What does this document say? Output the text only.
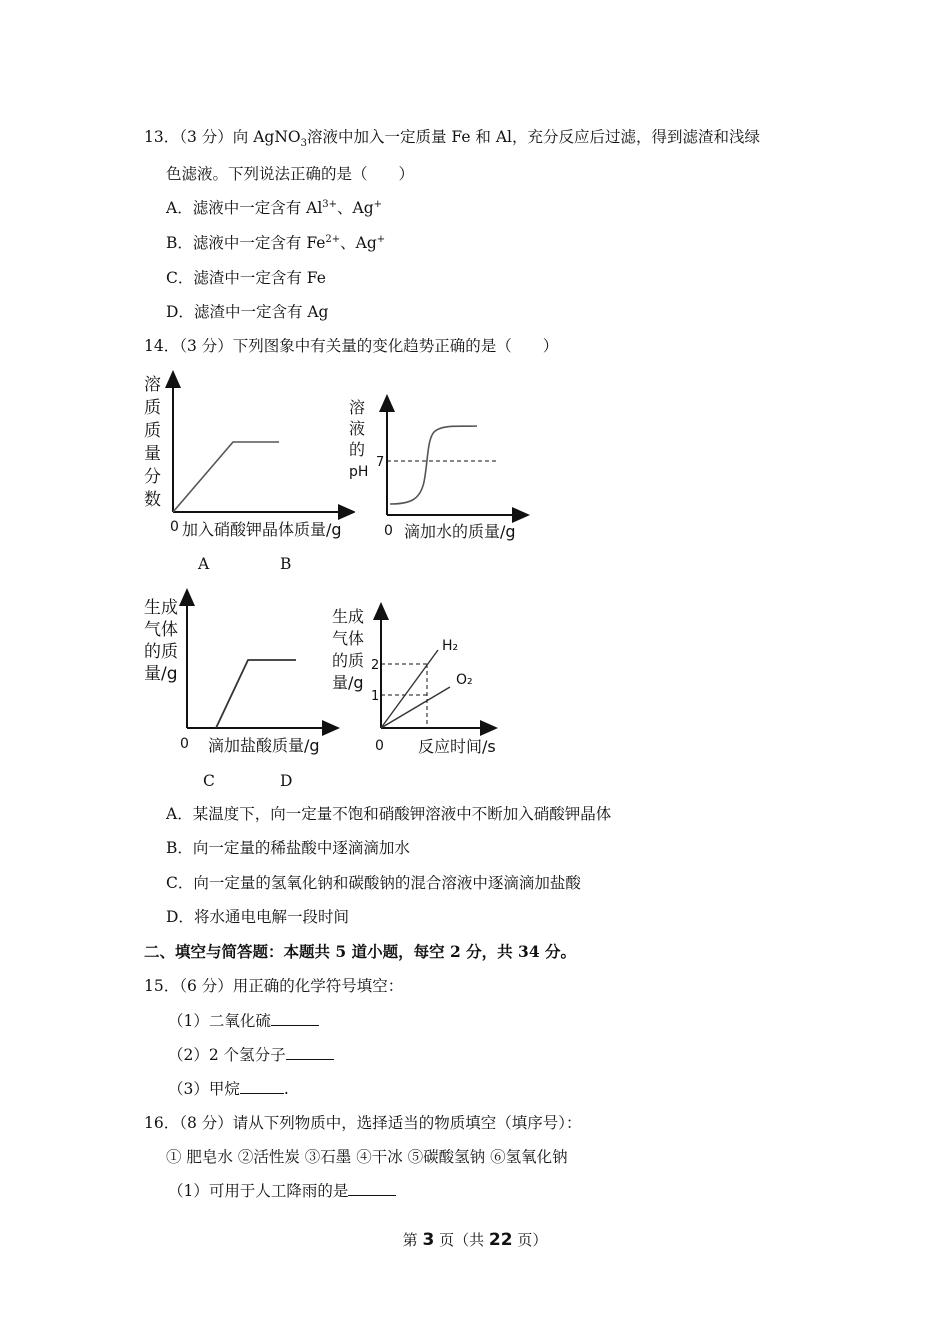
13．（3 分）向 AgNO$_3$溶液中加入一定质量 Fe 和 Al，充分反应后过滤，得到滤渣和浅绿
色滤液。下列说法正确的是（　　）
A．滤液中一定含有 $Al^{3+}$、Ag+
B．滤液中一定含有 $Fe^{2+}$、Ag+
C．滤渣中一定含有 Fe
D．滤渣中一定含有 Ag
14．（3 分）下列图象中有关量的变化趋势正确的是（　　）
溶
质
质
量
分
数
0 加入硝酸钾晶体质量/g
溶
液
的
pH
7
0 滴加水的质量/g
A	B
生成
气体
的质
量/g
0 滴加盐酸质量/g
生成
气体
的质
量/g
2
1
H₂
O₂
0 反应时间/s
C	D
A．某温度下，向一定量不饱和硝酸钾溶液中不断加入硝酸钾晶体
B．向一定量的稀盐酸中逐滴滴加水
C．向一定量的氢氧化钠和碳酸钠的混合溶液中逐滴滴加盐酸
D．将水通电电解一段时间
二、填空与简答题：本题共 5 道小题，每空 2 分，共 34 分。
15．（6 分）用正确的化学符号填空：
（1）二氧化硫
（2）2 个氢分子
（3）甲烷	.
16．（8 分）请从下列物质中，选择适当的物质填空（填序号）：
① 肥皂水 ②活性炭 ③石墨 ④干冰 ⑤碳酸氢钠 ⑥氢氧化钠
（1）可用于人工降雨的是
第 3 页（共 22 页）
